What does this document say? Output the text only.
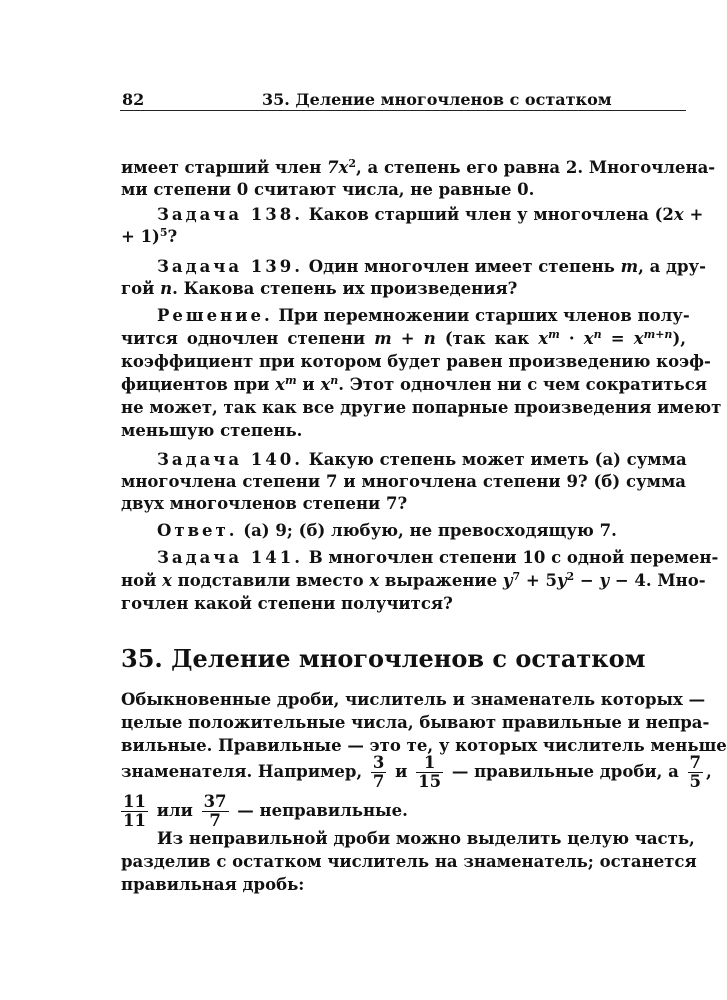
82	35. Деление многочленов с остатком
имеет старший член $7x^2$, а степень его равна 2. Многочлена-
ми степени 0 считают числа, не равные 0.
Задача 138. Каков старший член у многочлена (2x +
+ 1)$^5$?
Задача 139. Один многочлен имеет степень m, а дру-
гой n. Какова степень их произведения?
Решение. При перемножении старших членов полу-
чится одночлен степени m + n (так как $x^m \cdot x^n = x^{m+n}$),
коэффициент при котором будет равен произведению коэф-
фициентов при $x^m$ и $x^n$. Этот одночлен ни с чем сократиться
не может, так как все другие попарные произведения имеют
меньшую степень.
Задача 140. Какую степень может иметь (а) сумма
многочлена степени 7 и многочлена степени 9? (б) сумма
двух многочленов степени 7?
Ответ. (а) 9; (б) любую, не превосходящую 7.
Задача 141. В многочлен степени 10 с одной перемен-
ной x подставили вместо x выражение $y^7 + 5y^2 - y - 4$. Мно-
гочлен какой степени получится?
35. Деление многочленов с остатком
Обыкновенные дроби, числитель и знаменатель которых —
целые положительные числа, бывают правильные и непра-
вильные. Правильные — это те, у которых числитель меньше
знаменателя. Например, $\frac{3}{7}$ и $\frac{1}{15}$ — правильные дроби, а $\frac{7}{5}$ ,
$\frac{11}{11}$ или $\frac{37}{7}$ — неправильные.
Из неправильной дроби можно выделить целую часть,
разделив с остатком числитель на знаменатель; останется
правильная дробь:
